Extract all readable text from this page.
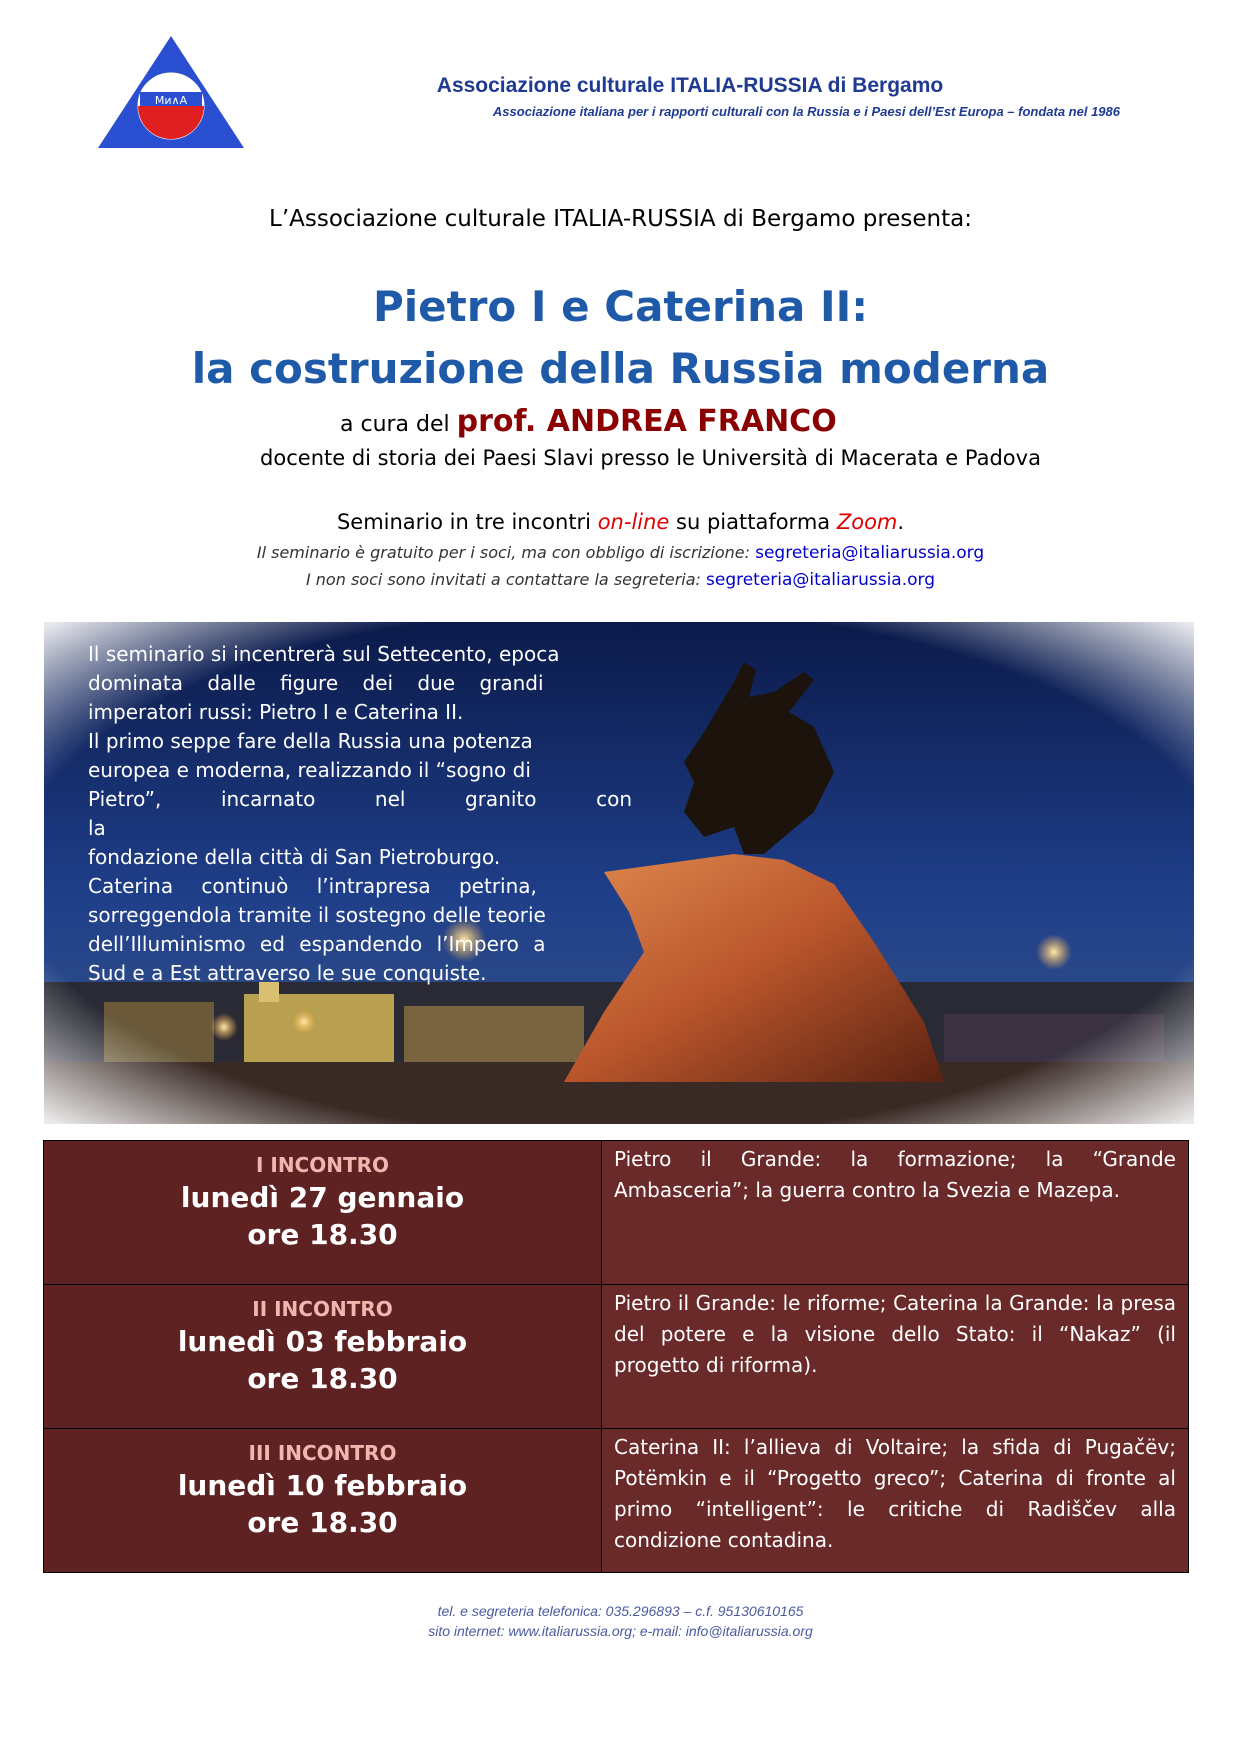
Mи∧A
Associazione culturale ITALIA-RUSSIA di Bergamo
Associazione italiana per i rapporti culturali con la Russia e i Paesi dell’Est Europa – fondata nel 1986
L’Associazione culturale ITALIA-RUSSIA di Bergamo presenta:
Pietro I e Caterina II:
la costruzione della Russia moderna
a cura del prof. ANDREA FRANCO
docente di storia dei Paesi Slavi presso le Università di Macerata e Padova
Seminario in tre incontri on-line su piattaforma Zoom.
Il seminario è gratuito per i soci, ma con obbligo di iscrizione: segreteria@italiarussia.org
I non soci sono invitati a contattare la segreteria: segreteria@italiarussia.org
Il seminario si incentrerà sul Settecento, epoca
dominata dalle figure dei due grandi
imperatori russi: Pietro I e Caterina II.
Il primo seppe fare della Russia una potenza
europea e moderna, realizzando il “sogno di
Pietro”, incarnato nel granito con la
fondazione della città di San Pietroburgo.
Caterina continuò l’intrapresa petrina,
sorreggendola tramite il sostegno delle teorie
dell’Illuminismo ed espandendo l’Impero a
Sud e a Est attraverso le sue conquiste.
I INCONTRO
lunedì 27 gennaio
ore 18.30	Pietro il Grande: la formazione; la “Grande Ambasceria”; la guerra contro la Svezia e Mazepa.

II INCONTRO
lunedì 03 febbraio
ore 18.30	Pietro il Grande: le riforme; Caterina la Grande: la presa del potere e la visione dello Stato: il “Nakaz” (il progetto di riforma).

III INCONTRO
lunedì 10 febbraio
ore 18.30	Caterina II: l’allieva di Voltaire; la sfida di Pugačëv; Potёmkin e il “Progetto greco”; Caterina di fronte al primo “intelligent”: le critiche di Radiščev alla condizione contadina.
tel. e segreteria telefonica: 035.296893 – c.f. 95130610165
sito internet: www.italiarussia.org; e-mail: info@italiarussia.org
